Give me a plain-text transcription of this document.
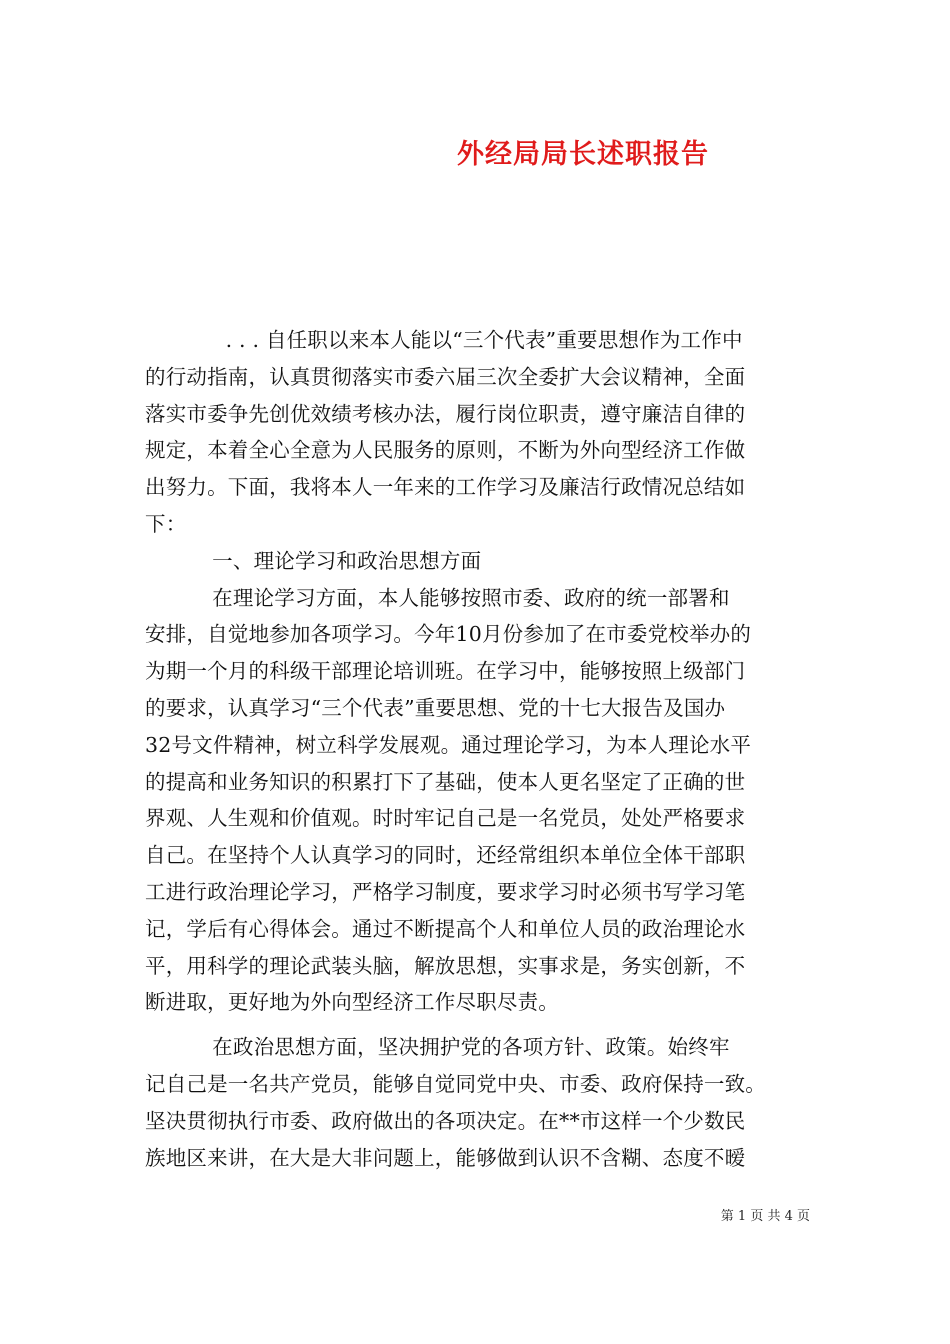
外经局局长述职报告
. . . 自任职以来本人能以“三个代表”重要思想作为工作中
的行动指南，认真贯彻落实市委六届三次全委扩大会议精神，全面
落实市委争先创优效绩考核办法，履行岗位职责，遵守廉洁自律的
规定，本着全心全意为人民服务的原则，不断为外向型经济工作做
出努力。下面，我将本人一年来的工作学习及廉洁行政情况总结如
下：
一、理论学习和政治思想方面
在理论学习方面，本人能够按照市委、政府的统一部署和
安排，自觉地参加各项学习。今年10月份参加了在市委党校举办的
为期一个月的科级干部理论培训班。在学习中，能够按照上级部门
的要求，认真学习“三个代表”重要思想、党的十七大报告及国办
32号文件精神，树立科学发展观。通过理论学习，为本人理论水平
的提高和业务知识的积累打下了基础，使本人更名坚定了正确的世
界观、人生观和价值观。时时牢记自己是一名党员，处处严格要求
自己。在坚持个人认真学习的同时，还经常组织本单位全体干部职
工进行政治理论学习，严格学习制度，要求学习时必须书写学习笔
记，学后有心得体会。通过不断提高个人和单位人员的政治理论水
平，用科学的理论武装头脑，解放思想，实事求是，务实创新，不
断进取，更好地为外向型经济工作尽职尽责。
在政治思想方面，坚决拥护党的各项方针、政策。始终牢
记自己是一名共产党员，能够自觉同党中央、市委、政府保持一致。
坚决贯彻执行市委、政府做出的各项决定。在**市这样一个少数民
族地区来讲，在大是大非问题上，能够做到认识不含糊、态度不暧
第 1 页 共 4 页
